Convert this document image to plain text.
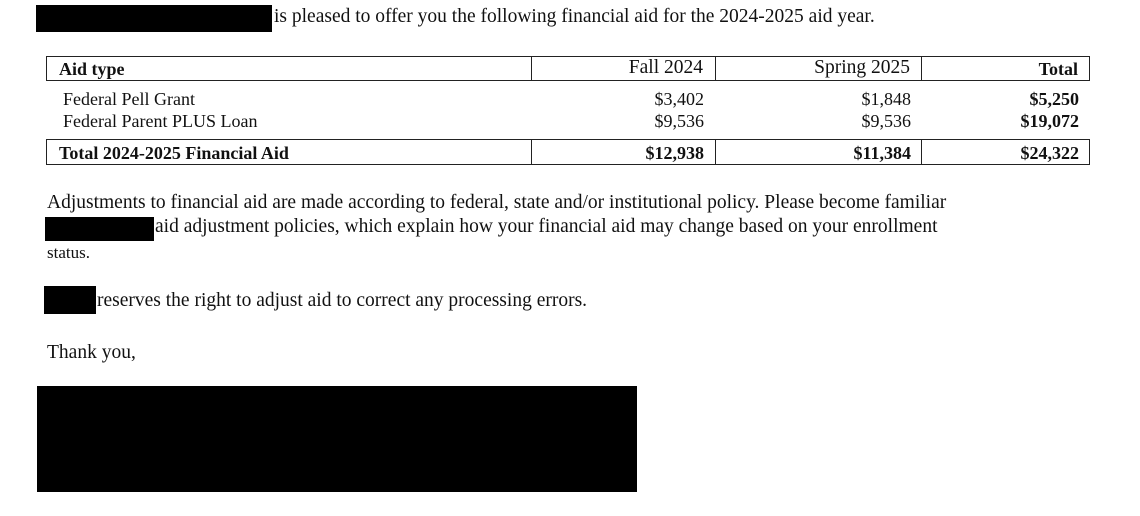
is pleased to offer you the following financial aid for the 2024-2025 aid year.
Aid type	Fall 2024	Spring 2025	Total
Federal Pell Grant	$3,402	$1,848	$5,250
Federal Parent PLUS Loan	$9,536	$9,536	$19,072
Total 2024-2025 Financial Aid	$12,938	$11,384	$24,322
Adjustments to financial aid are made according to federal, state and/or institutional policy. Please become familiar
aid adjustment policies, which explain how your financial aid may change based on your enrollment
status.
reserves the right to adjust aid to correct any processing errors.
Thank you,
